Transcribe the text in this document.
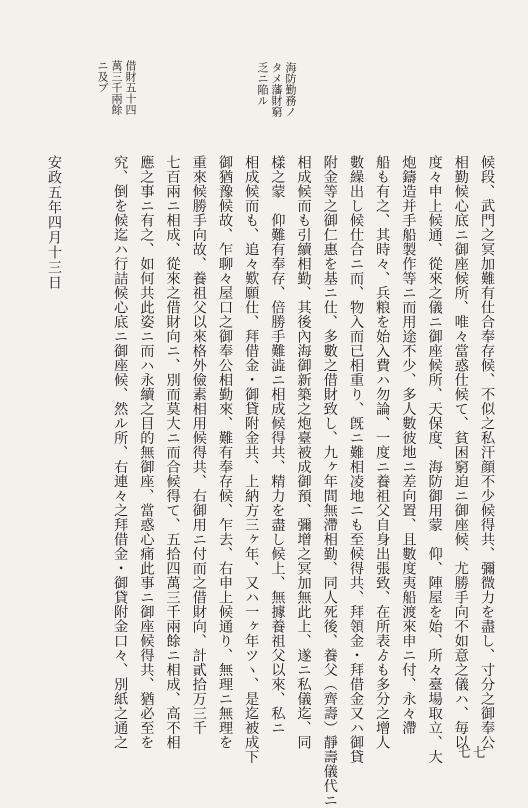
海防勤務ノ
タメ藩財窮
乏ニ陥ル
候段、武門之冥加難有仕合奉存候、不似之私汗顔不少候得共、彌微力を盡し、寸分之御奉公
相勤候心底ニ御座候所、唯々當惑仕候て、貧困窮迫ニ御座候、尤勝手向不如意之儀ハ、毎以
度々申上候通、從來之儀ニ御座候所、天保度、海防御用蒙　仰、陣屋を始、所々臺場取立、大
炮鑄造并手船製作等ニ而用途不少、多人數彼地ニ差向置、且數度夷船渡來申ニ付、永々滯
船も有之、其時々、兵粮を始入費ハ勿論、一度ニ養祖父自身出張致、在所表ゟも多分之增人
數繰出し候仕合ニ而、物入而已相重り、旣ニ難相凌地ニも至候得共、拜領金・拜借金又ハ御貸
附金等之御仁惠を基ニ仕、多數之借財致し、九ヶ年間無滯相勤、同人死後、養父（齊壽）靜壽儀代ニ
相成候而も引續相勤、其後內海御新築之炮臺被成御預、彌增之冥加無此上、遂ニ私儀迄、同
樣之蒙　仰難有奉存、倍勝手難澁ニ相成候得共、精力を盡し候上、無據養祖父以來、私ニ
相成候而も、追々歎願仕、拜借金・御貸附金共、上納方三ヶ年、又ハ一ヶ年ツヽ、是迄被成下
御猶豫候故、乍聊々屋口之御奉公相勤來、難有奉存候、乍去、右申上候通り、無理ニ無理を
重來候勝手向故、養祖父以來格外儉素相用候得共、右御用ニ付而之借財向、計貳拾万三千
七百兩ニ相成、從來之借財向ニ、別而莫大ニ而合候得て、五拾四萬三千兩餘ニ相成、高不相
應之事ニ有之、如何共此姿ニ而ハ永續之目的無御座、當惑心痛此事ニ御座候得共、猶必至を
究、倒を候迄ハ行詰候心底ニ御座候、然ル所、右連々之拜借金・御貸附金口々、別紙之通之
借財五十四
萬三千兩餘
ニ及ブ
安政五年四月十三日
七七
